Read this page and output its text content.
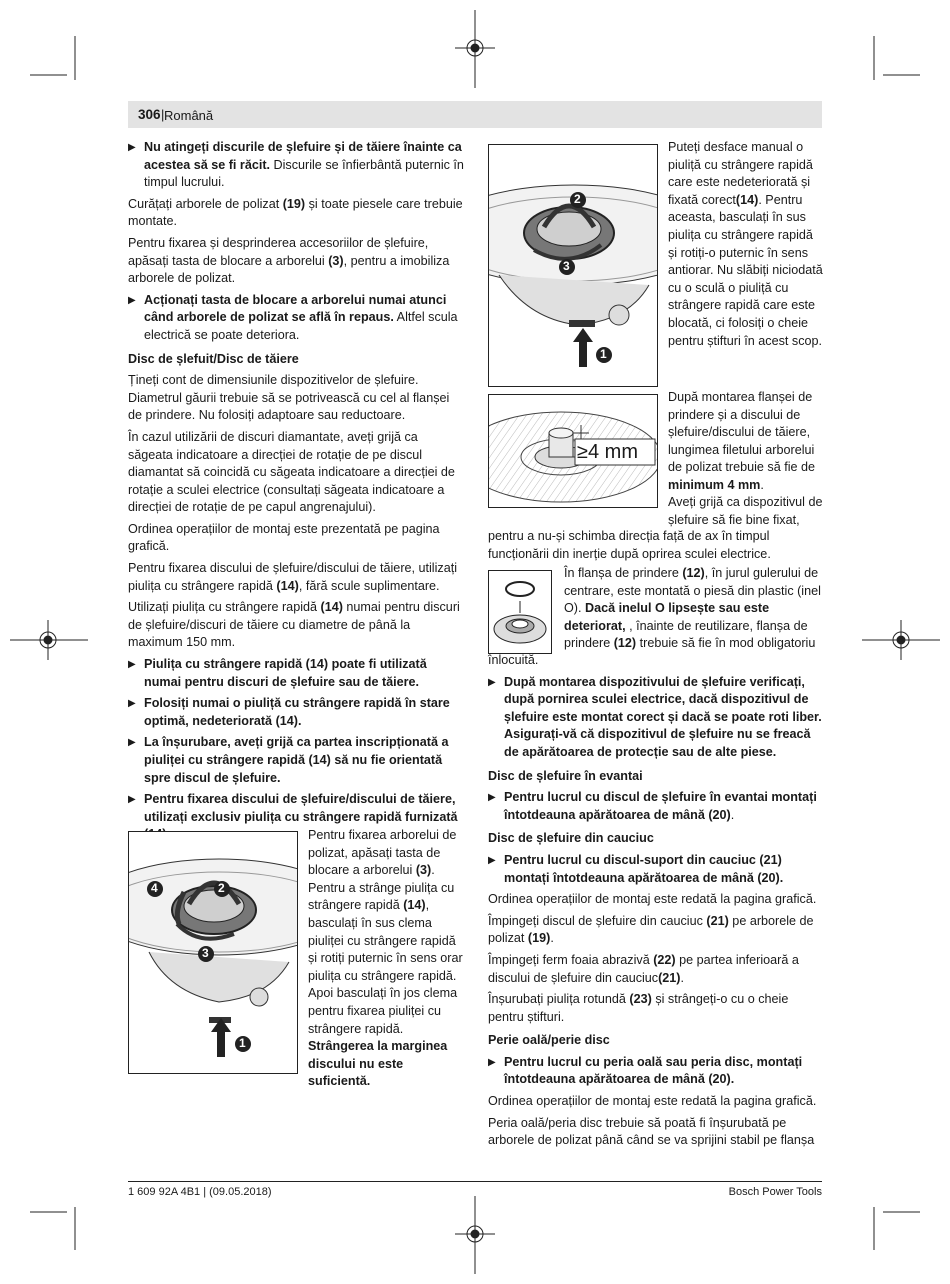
306 | Română
▶ Nu atingeți discurile de șlefuire și de tăiere înainte ca acestea să se fi răcit. Discurile se înfierbântă puternic în timpul lucrului.

Curățați arborele de polizat (19) și toate piesele care trebuie montate.

Pentru fixarea și desprinderea accesoriilor de șlefuire, apăsați tasta de blocare a arborelui (3), pentru a imobiliza arborele de polizat.

▶ Acționați tasta de blocare a arborelui numai atunci când arborele de polizat se află în repaus. Altfel scula electrică se poate deteriora.

Disc de șlefuit/Disc de tăiere

Țineți cont de dimensiunile dispozitivelor de șlefuire. Diametrul găurii trebuie să se potrivească cu cel al flanșei de prindere. Nu folosiți adaptoare sau reductoare.

În cazul utilizării de discuri diamantate, aveți grijă ca săgeata indicatoare a direcției de rotație de pe discul diamantat să coincidă cu săgeata indicatoare a direcției de rotație a sculei electrice (consultați săgeata indicatoare a direcției de rotație de pe capul angrenajului).

Ordinea operațiilor de montaj este prezentată pe pagina grafică.

Pentru fixarea discului de șlefuire/discului de tăiere, utilizați piulița cu strângere rapidă (14), fără scule suplimentare.

Utilizați piulița cu strângere rapidă (14) numai pentru discuri de șlefuire/discuri de tăiere cu diametre de până la maximum 150 mm.

▶ Piulița cu strângere rapidă (14) poate fi utilizată numai pentru discuri de șlefuire sau de tăiere.
▶ Folosiți numai o piuliță cu strângere rapidă în stare optimă, nedeteriorată (14).
▶ La înșurubare, aveți grijă ca partea inscripționată a piuliței cu strângere rapidă (14) să nu fie orientată spre discul de șlefuire.
▶ Pentru fixarea discului de șlefuire/discului de tăiere, utilizați exclusiv piulița cu strângere rapidă furnizată
4	2
3
1
Pentru fixarea arborelui de polizat, apăsați tasta de blocare a arborelui (3). Pentru a strânge piulița cu strângere rapidă (14), basculați în sus clema piuliței cu strângere rapidă și rotiți puternic în sens orar piulița cu strângere rapidă. Apoi basculați în jos clema pentru fixarea piuliței cu strângere rapidă. Strângerea la marginea discului nu este suficientă.
2
3
1
Puteți desface manual o piuliță cu strângere rapidă care este nedeteriorată și fixată corect(14). Pentru aceasta, basculați în sus piulița cu strângere rapidă și rotiți-o puternic în sens antiorar. Nu slăbiți niciodată cu o sculă o piuliță cu strângere rapidă care este blocată, ci folosiți o cheie pentru știfturi în acest scop.
≥4 mm
După montarea flanșei de prindere și a discului de șlefuire/discului de tăiere, lungimea filetului arborelui de polizat trebuie să fie de minimum 4 mm.
Aveți grijă ca dispozitivul de șlefuire să fie bine fixat,
pentru a nu-și schimba direcția față de ax în timpul funcționării din inerție după oprirea sculei electrice.
În flanșa de prindere (12), în jurul gulerului de centrare, este montată o piesă din plastic (inel O). Dacă inelul O lipsește sau este deteriorat, , înainte de reutilizare, flanșa de prindere (12) trebuie să fie în mod obligatoriu

înlocuită.

▶ După montarea dispozitivului de șlefuire verificați, după pornirea sculei electrice, dacă dispozitivul de șlefuire este montat corect și dacă se poate roti liber. Asigurați-vă că dispozitivul de șlefuire nu se freacă de apărătoarea de protecție sau de alte piese.

Disc de șlefuire în evantai

▶ Pentru lucrul cu discul de șlefuire în evantai montați întotdeauna apărătoarea de mână (20).

Disc de șlefuire din cauciuc

▶ Pentru lucrul cu discul-suport din cauciuc (21) montați întotdeauna apărătoarea de mână (20).

Ordinea operațiilor de montaj este redată la pagina grafică.

Împingeți discul de șlefuire din cauciuc (21) pe arborele de polizat (19).

Împingeți ferm foaia abrazivă (22) pe partea inferioară a discului de șlefuire din cauciuc(21).

Înșurubați piulița rotundă (23) și strângeți-o cu o cheie pentru știfturi.

Perie oală/perie disc

▶ Pentru lucrul cu peria oală sau peria disc, montați întotdeauna apărătoarea de mână (20).

Ordinea operațiilor de montaj este redată la pagina grafică.

Peria oală/peria disc trebuie să poată fi înșurubată pe arborele de polizat până când se va sprijini stabil pe flanșa

1 609 92A 4B1 | (09.05.2018)	Bosch Power Tools
